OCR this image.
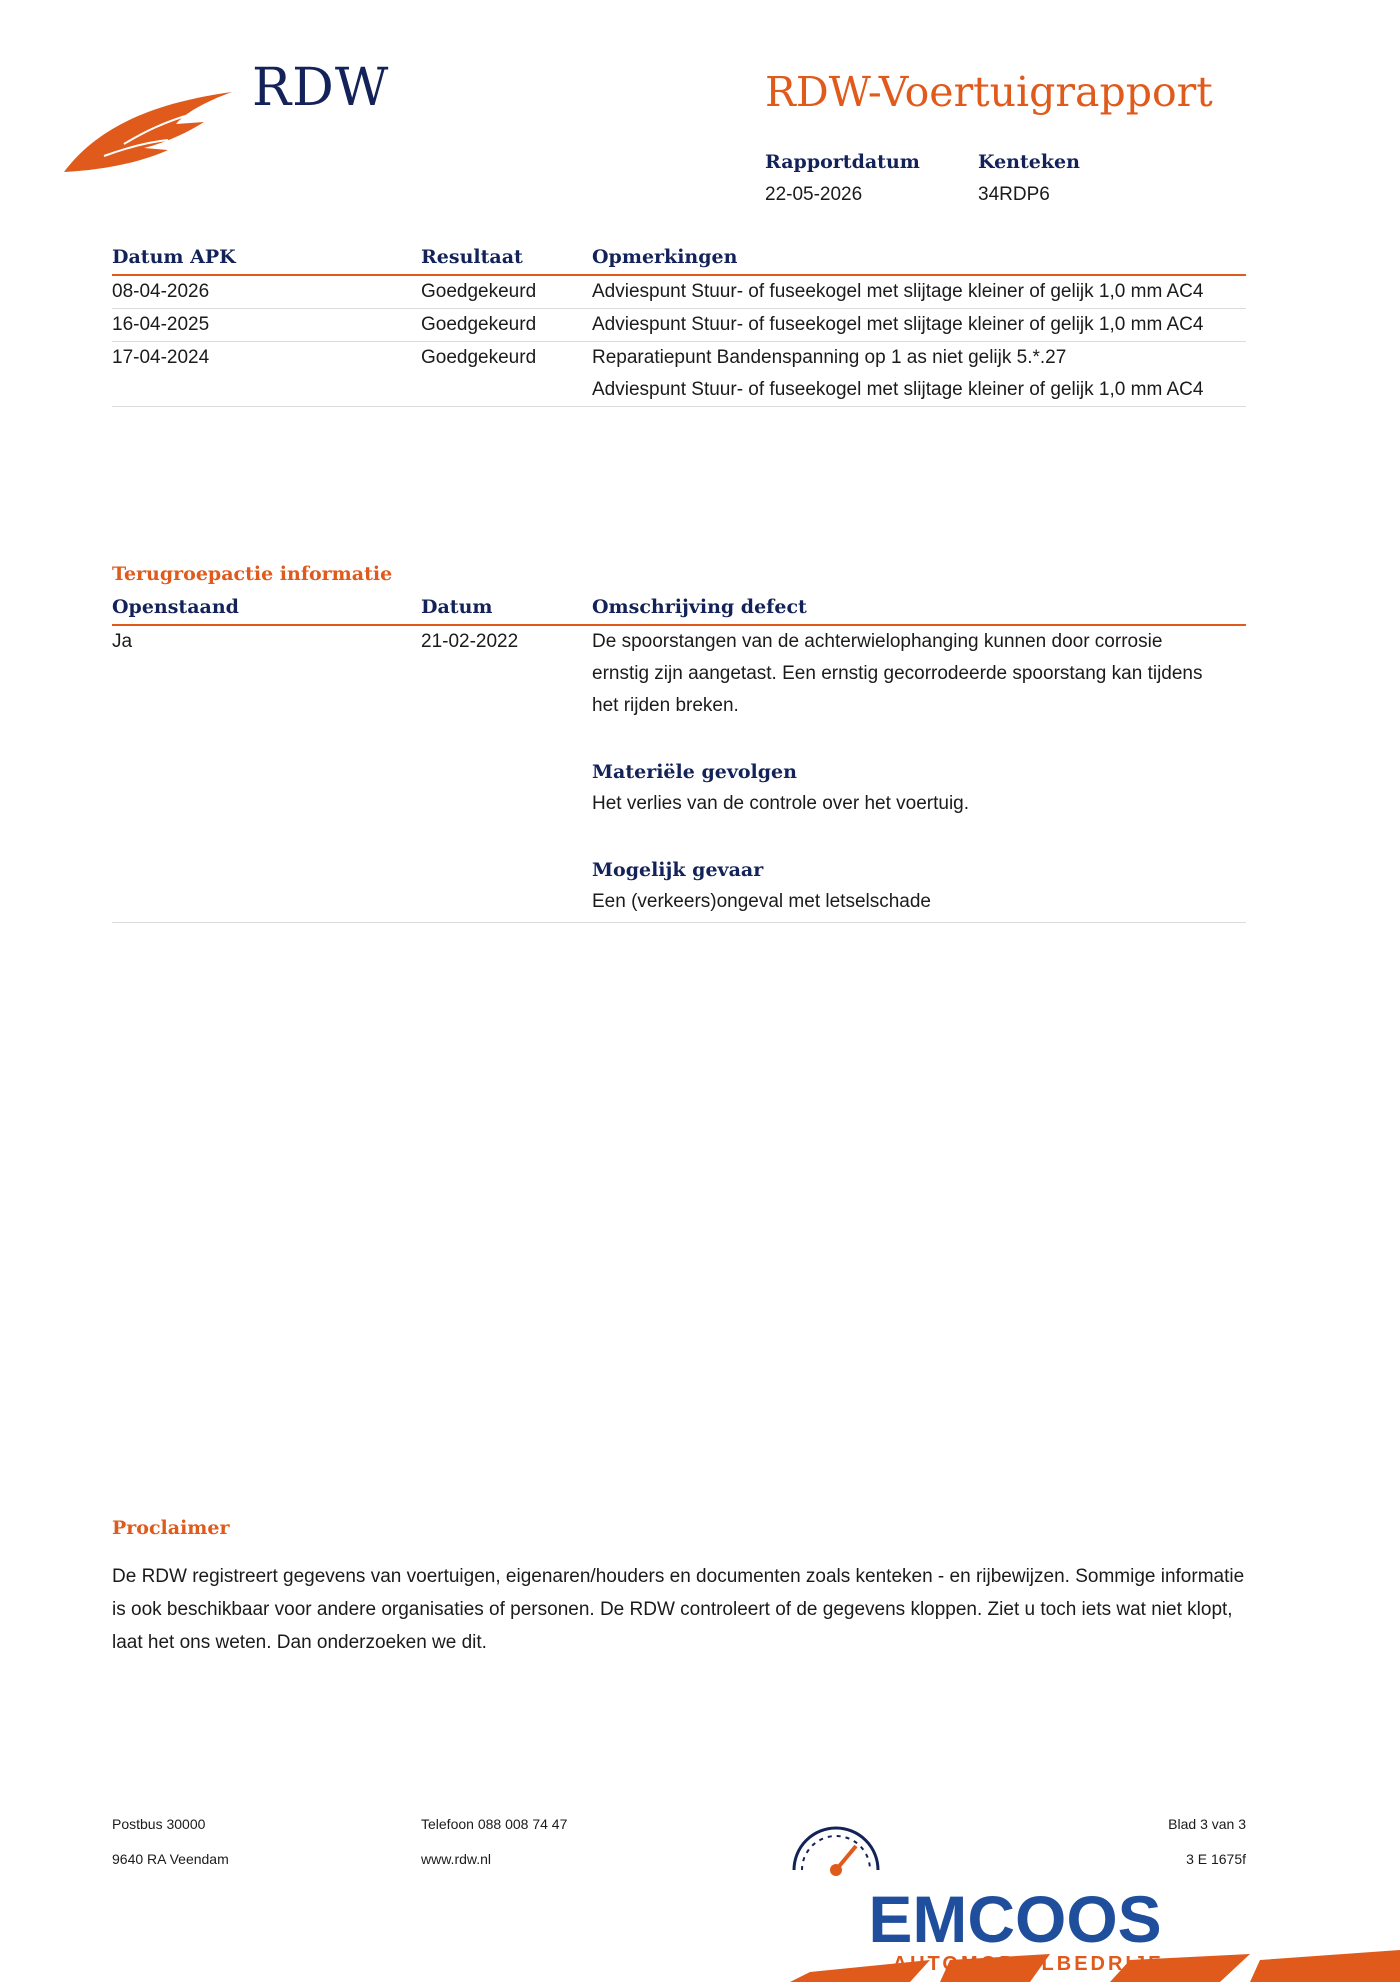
RDW	RDW-Voertuigrapport
Rapportdatum
22-05-2026
Kenteken
34RDP6
Datum APK	Resultaat	Opmerkingen
08-04-2026	Goedgekeurd	Adviespunt Stuur- of fuseekogel met slijtage kleiner of gelijk 1,0 mm AC4
16-04-2025	Goedgekeurd	Adviespunt Stuur- of fuseekogel met slijtage kleiner of gelijk 1,0 mm AC4
17-04-2024	Goedgekeurd	Reparatiepunt Bandenspanning op 1 as niet gelijk 5.*.27
Adviespunt Stuur- of fuseekogel met slijtage kleiner of gelijk 1,0 mm AC4
Terugroepactie informatie
Openstaand	Datum	Omschrijving defect
Ja	21-02-2022	De spoorstangen van de achterwielophanging kunnen door corrosie ernstig zijn aangetast. Een ernstig gecorrodeerde spoorstang kan tijdens het rijden breken.
Materiële gevolgen
Het verlies van de controle over het voertuig.
Mogelijk gevaar
Een (verkeers)ongeval met letselschade
Proclaimer
De RDW registreert gegevens van voertuigen, eigenaren/houders en documenten zoals kenteken - en rijbewijzen. Sommige informatie is ook beschikbaar voor andere organisaties of personen. De RDW controleert of de gegevens kloppen. Ziet u toch iets wat niet klopt, laat het ons weten. Dan onderzoeken we dit.
Postbus 30000
9640 RA Veendam
Telefoon 088 008 74 47
www.rdw.nl
Blad 3 van 3
3 E 1675f
EMCOOS
